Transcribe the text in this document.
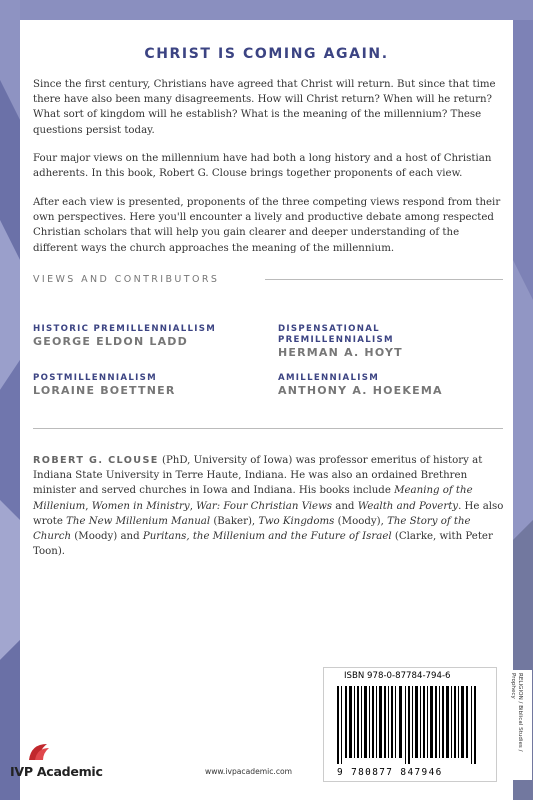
CHRIST IS COMING AGAIN.

Since the first century, Christians have agreed that Christ will return. But since that time there have also been many disagreements. How will Christ return? When will he return? What sort of kingdom will he establish? What is the meaning of the millennium? These questions persist today.

Four major views on the millennium have had both a long history and a host of Christian adherents. In this book, Robert G. Clouse brings together proponents of each view.

After each view is presented, proponents of the three competing views respond from their own perspectives. Here you'll encounter a lively and productive debate among respected Christian scholars that will help you gain clearer and deeper understanding of the different ways the church approaches the meaning of the millennium.

VIEWS AND CONTRIBUTORS
HISTORIC PREMILLENNIALLISM
GEORGE ELDON LADD
DISPENSATIONAL PREMILLENNIALISM
HERMAN A. HOYT
POSTMILLENNIALISM
LORAINE BOETTNER
AMILLENNIALISM
ANTHONY A. HOEKEMA

ROBERT G. CLOUSE (PhD, University of Iowa) was professor emeritus of history at Indiana State University in Terre Haute, Indiana. He was also an ordained Brethren minister and served churches in Iowa and Indiana. His books include Meaning of the Millenium, Women in Ministry, War: Four Christian Views and Wealth and Poverty. He also wrote The New Millenium Manual (Baker), Two Kingdoms (Moody), The Story of the Church (Moody) and Puritans, the Millenium and the Future of Israel (Clarke, with Peter Toon).

IVP Academic	www.ivpacademic.com
ISBN 978-0-87784-794-6
9 780877 847946
RELIGION / Biblical Studies /
Prophecy
